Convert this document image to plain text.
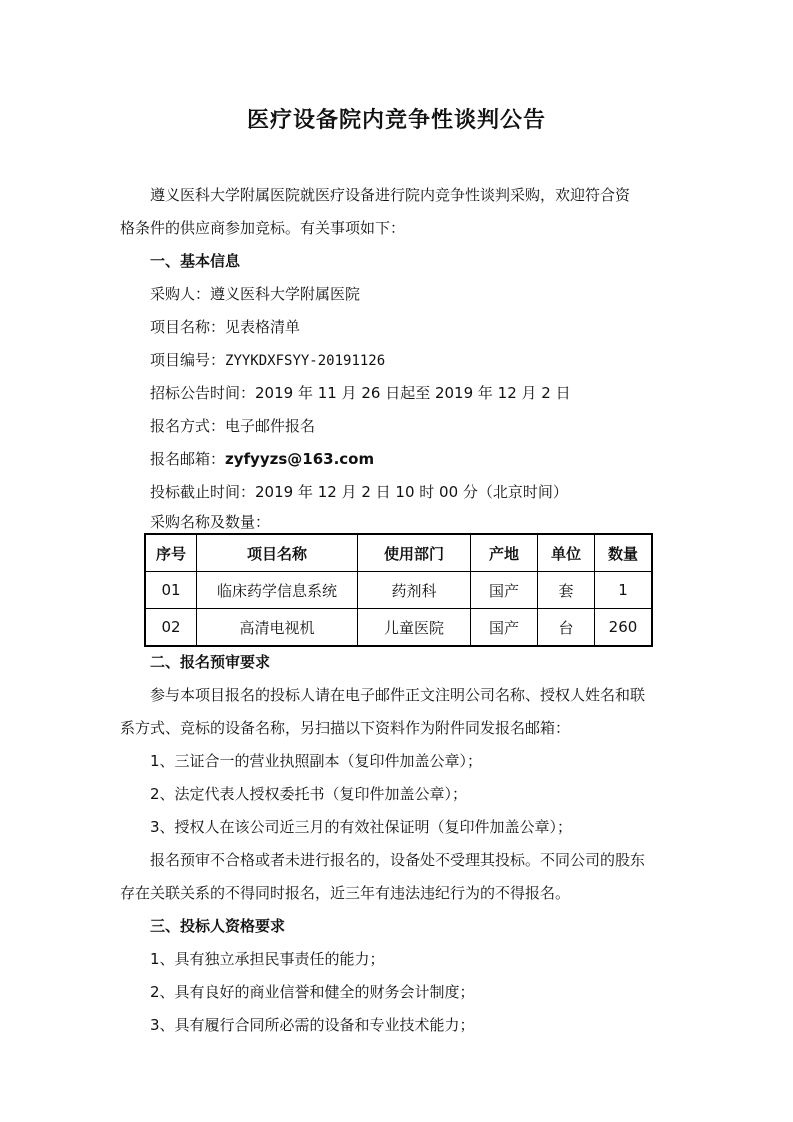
医疗设备院内竞争性谈判公告
遵义医科大学附属医院就医疗设备进行院内竞争性谈判采购，欢迎符合资
格条件的供应商参加竞标。有关事项如下：
一、基本信息
采购人：遵义医科大学附属医院
项目名称：见表格清单
项目编号：ZYYKDXFSYY-20191126
招标公告时间：2019 年 11 月 26 日起至 2019 年 12 月 2 日
报名方式：电子邮件报名
报名邮箱：zyfyyzs@163.com
投标截止时间：2019 年 12 月 2 日 10 时 00 分（北京时间）
采购名称及数量：
序号	项目名称	使用部门	产地	单位	数量
01	临床药学信息系统	药剂科	国产	套	1
02	高清电视机	儿童医院	国产	台	260
二、报名预审要求
参与本项目报名的投标人请在电子邮件正文注明公司名称、授权人姓名和联
系方式、竞标的设备名称，另扫描以下资料作为附件同发报名邮箱：
1、三证合一的营业执照副本（复印件加盖公章）；
2、法定代表人授权委托书（复印件加盖公章）；
3、授权人在该公司近三月的有效社保证明（复印件加盖公章）；
报名预审不合格或者未进行报名的，设备处不受理其投标。不同公司的股东
存在关联关系的不得同时报名，近三年有违法违纪行为的不得报名。
三、投标人资格要求
1、具有独立承担民事责任的能力；
2、具有良好的商业信誉和健全的财务会计制度；
3、具有履行合同所必需的设备和专业技术能力；
